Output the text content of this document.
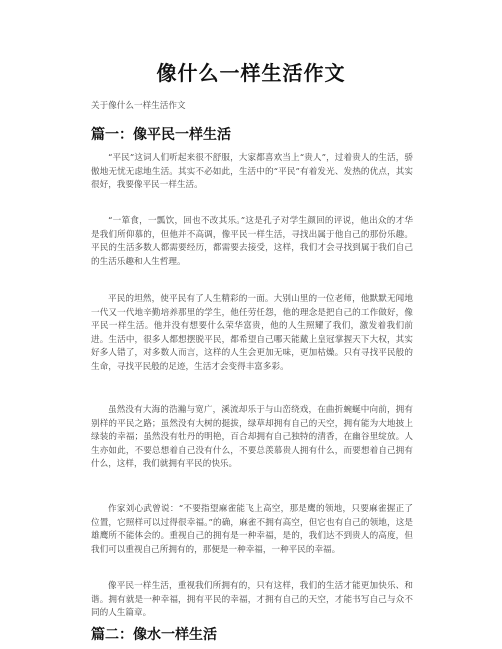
像什么一样生活作文

关于像什么一样生活作文

篇一：像平民一样生活

“平民”这词人们听起来很不舒服，大家都喜欢当上“贵人”，过着贵人的生活，骄傲地无忧无虑地生活。其实不必如此，生活中的“平民”有着发光、发热的优点，其实很好，我要像平民一样生活。

“一箪食，一瓢饮，回也不改其乐。”这是孔子对学生颜回的评说，他出众的才华是我们所仰慕的，但他并不高调，像平民一样生活，寻找出属于他自己的那份乐趣。平民的生活多数人都需要经历，都需要去接受，这样，我们才会寻找到属于我们自己的生活乐趣和人生哲理。

平民的坦然，使平民有了人生精彩的一面。大别山里的一位老师，他默默无闻地一代又一代地辛勤培养那里的学生，他任劳任怨，他的理念是把自己的工作做好，像平民一样生活。他并没有想要什么荣华富贵，他的人生照耀了我们，激发着我们前进。生活中，很多人都想摆脱平民，都希望自己哪天能戴上皇冠掌握天下大权，其实好多人错了，对多数人而言，这样的人生会更加无味，更加枯燥。只有寻找平民般的生命，寻找平民般的足迹，生活才会变得丰富多彩。

虽然没有大海的浩瀚与宽广，溪流却乐于与山峦绕戏，在曲折蜿蜒中向前，拥有别样的平民之路；虽然没有大树的挺拔，绿草却拥有自己的天空，拥有能为大地披上绿装的幸福；虽然没有牡丹的明艳，百合却拥有自己独特的清香，在幽谷里绽放。人生亦如此，不要总想着自己没有什么，不要总羡慕贵人拥有什么，而要想着自己拥有什么，这样，我们就拥有平民的快乐。

作家刘心武曾说：“不要指望麻雀能飞上高空，那是鹰的领地，只要麻雀握正了位置，它照样可以过得很幸福。”的确，麻雀不拥有高空，但它也有自己的领地，这是雄鹰所不能体会的。重视自己的拥有是一种幸福，是的，我们达不到贵人的高度，但我们可以重视自己所拥有的，那便是一种幸福，一种平民的幸福。

像平民一样生活，重视我们所拥有的，只有这样，我们的生活才能更加快乐、和谐。拥有就是一种幸福，拥有平民的幸福，才拥有自己的天空，才能书写自己与众不同的人生篇章。

篇二：像水一样生活
